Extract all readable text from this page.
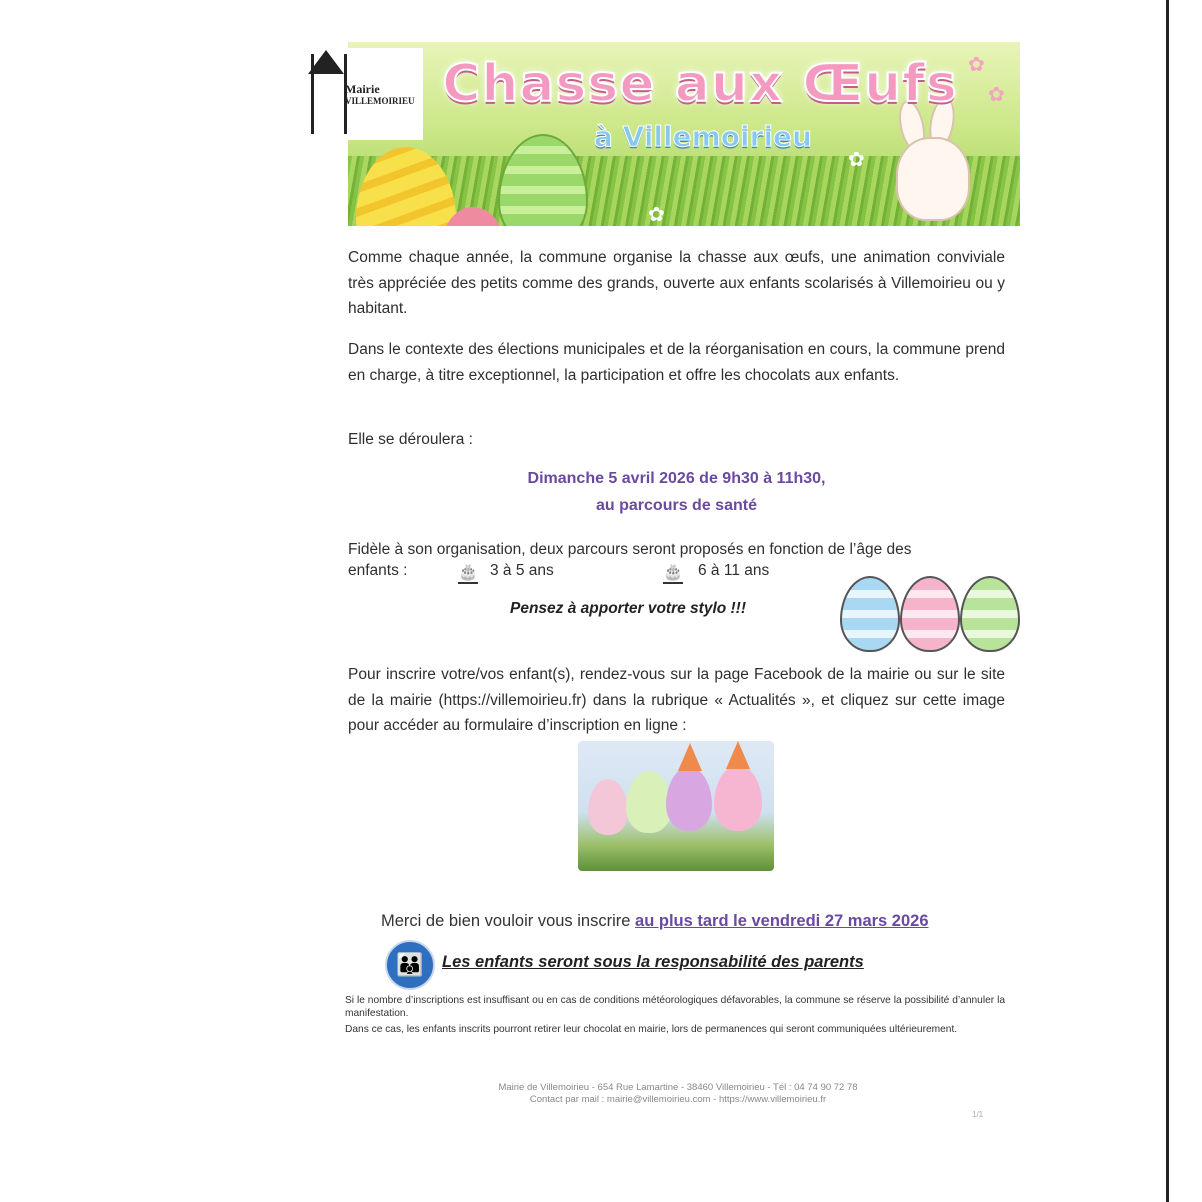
✿
✿
✿
✿
Chasse aux Œufs
à Villemoirieu
Mairie
VILLEMOIRIEU
Comme chaque année, la commune organise la chasse aux œufs, une animation conviviale très appréciée des petits comme des grands, ouverte aux enfants scolarisés à Villemoirieu ou y habitant.
Dans le contexte des élections municipales et de la réorganisation en cours, la commune prend en charge, à titre exceptionnel, la participation et offre les chocolats aux enfants.
Elle se déroulera :
Dimanche 5 avril 2026 de 9h30 à 11h30,
au parcours de santé
Fidèle à son organisation, deux parcours seront proposés en fonction de l’âge des
enfants : 🎂	3 à 5 ans 🎂	6 à 11 ans
Pensez à apporter votre stylo !!!
Pour inscrire votre/vos enfant(s), rendez-vous sur la page Facebook de la mairie ou sur le site de la mairie (https://villemoirieu.fr) dans la rubrique « Actualités », et cliquez sur cette image pour accéder au formulaire d’inscription en ligne :
Merci de bien vouloir vous inscrire au plus tard le vendredi 27 mars 2026
👪	Les enfants seront sous la responsabilité des parents
Si le nombre d’inscriptions est insuffisant ou en cas de conditions météorologiques défavorables, la commune se réserve la possibilité d’annuler la manifestation.
Dans ce cas, les enfants inscrits pourront retirer leur chocolat en mairie, lors de permanences qui seront communiquées ultérieurement.
Mairie de Villemoirieu - 654 Rue Lamartine - 38460 Villemoirieu - Tél : 04 74 90 72 78
Contact par mail : mairie@villemoirieu.com - https://www.villemoirieu.fr
1/1
